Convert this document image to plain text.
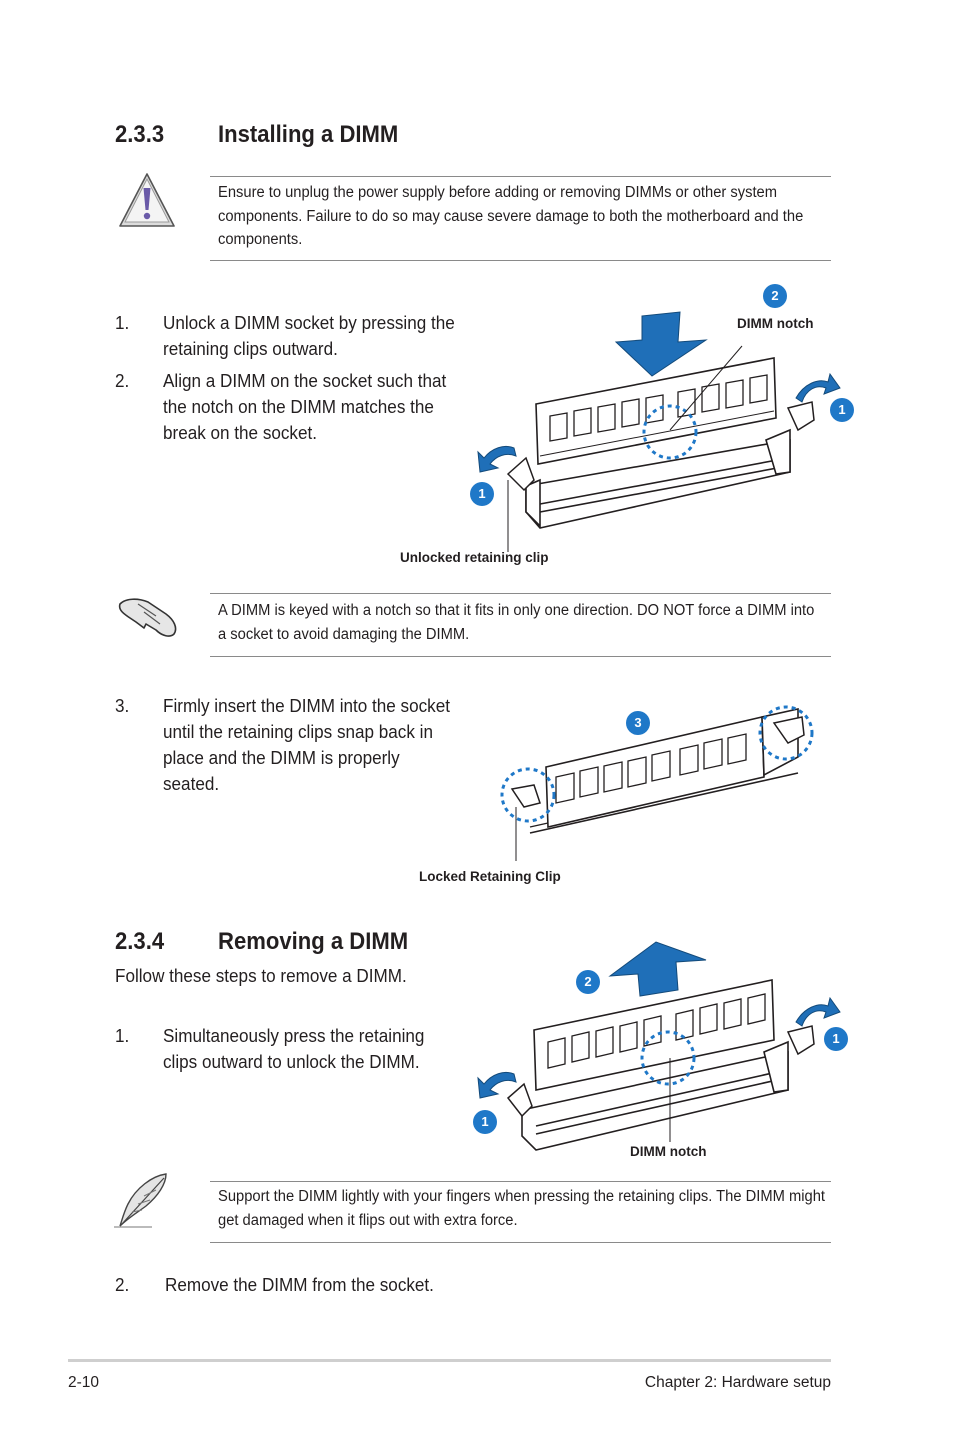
2.3.3 Installing a DIMM
Ensure to unplug the power supply before adding or removing DIMMs or other system components. Failure to do so may cause severe damage to both the motherboard and the components.
1. Unlock a DIMM socket by pressing the retaining clips outward.
2. Align a DIMM on the socket such that the notch on the DIMM matches the break on the socket.
2
DIMM notch
1
1
Unlocked retaining clip
A DIMM is keyed with a notch so that it fits in only one direction. DO NOT force a DIMM into a socket to avoid damaging the DIMM.
3. Firmly insert the DIMM into the socket until the retaining clips snap back in place and the DIMM is properly seated.
3
Locked Retaining Clip
2.3.4 Removing a DIMM
Follow these steps to remove a DIMM.
1. Simultaneously press the retaining clips outward to unlock the DIMM.
2
1
1
DIMM notch
Support the DIMM lightly with your fingers when pressing the retaining clips. The DIMM might get damaged when it flips out with extra force.
2. Remove the DIMM from the socket.
2-10	Chapter 2: Hardware setup
